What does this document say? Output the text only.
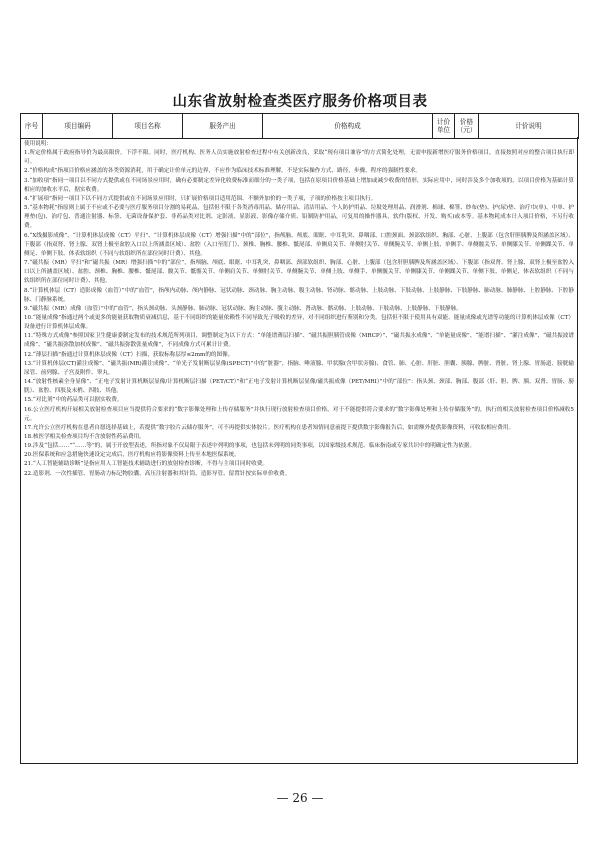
山东省放射检查类医疗服务价格项目表
序号	项目编码	项目名称	服务产出	价格构成	计价单位	价格（元）	计价说明

使用说明：

1.所定价格属于政府指导价为最高限价，下浮不限。同时，医疗机构、医务人员实施放射检查过程中有关创新改良，采取“现有项目兼容”的方式简化处理，无需申报新增医疗服务价格项目，直接按照对应的整合项目执行即可。

2.“价格构成”指项目价格应涵盖的各类资源消耗，用于确定计价单元的边界，不应作为临床技术标准理解，不是实际操作方式、路径、步骤、程序的强制性要求。

3.“加收项”指同一项目以不同方式提供或在不同场景应用时，确有必要制定差异化收费标准而细分的一类子项，包括在原项目价格基础上增加或减少收费的情形，实际应用中，同时涉及多个加收项的，以项目价格为基础计算相应的加收水平后，据实收费。

4.“扩展项”指同一项目下以不同方式提供或在不同场景应用时，只扩展价格项目适用范围、不额外加价的一类子项，子项的价格按主项目执行。

5.“基本物耗”指原则上属于不应或不必要与医疗服务项目分割的易耗品，包括但不限于各类消毒用品、储存用品、清洁用品、个人防护用品、垃圾处理用品、润滑剂、棉球、棉签、纱布(垫)、护(尿)垫、治疗巾(单)、中单、护理垫(包)、治疗包、普通注射器、标签、无菌设备保护套、非药品类对比剂、定影液、显影液、影像存储介质、铅制防护用品，可复用的操作器具、软件(版权、开发、购买)或本等。基本物耗成本计入项目价格，不另行收费。

6.“X线摄影成像”、“计算机体层成像（CT）平扫”、“计算机体层成像（CT）增强扫描”中的“部位”，指颅脑、颅底、眼眶、中耳乳突、鼻咽部、口腔颈面、颈部软组织、胸部、心脏、上腹部（包含肝胆胰脾及所涵盖区域）、下腹部（指双肾、肾上腺、双肾上极至盆腔入口以上所涵盖区域）、盆腔（入口至肛门）、颈椎、胸椎、腰椎、骶尾部、单侧肩关节、单侧肘关节、单侧腕关节、单侧上肢、单侧手、单侧髋关节、单侧膝关节、单侧踝关节、单侧足、单侧下肢、体表软组织（不同与软组织所在部位同时计费）、其他。

7.“磁共振（MR）平扫”和“磁共振（MR）增强扫描”中的“部位”，指颅脑、颅底、眼眶、中耳乳突、鼻咽部、颈部软组织、胸部、心脏、上腹部（包含肝胆胰脾及所涵盖区域）、下腹部（指双肾、肾上腺、双肾上极至盆腔入口以上所涵盖区域）、盆腔、颈椎、胸椎、腰椎、骶尾部、髋关节、骶髂关节、单侧肩关节、单侧肘关节、单侧腕关节、单侧上肢、单侧手、单侧髋关节、单侧膝关节、单侧踝关节、单侧下肢、单侧足、体表软组织（不同与软组织所在部位同时计费）、其他。

8.“计算机体层（CT）造影成像（血管）”中的“血管”，指颅内动脉、颅内静脉、冠状动脉、颈动脉、胸主动脉、腹主动脉、肾动脉、髂动脉、上肢动脉、下肢动脉、上肢静脉、下肢静脉、肺动脉、肺静脉、上腔静脉、下腔静脉、门静脉系统。

9.“磁共振（MR）成像（血管）”中的“血管”，指头颈动脉、头颈静脉、肺动脉、冠状动脉、胸主动脉、腹主动脉、肾动脉、髂动脉、上肢动脉、下肢动脉、上肢静脉、下肢静脉。

10.“能量成像”指通过两个或更多的能量获取物质衰减信息，基于不同组织的能量依赖性不同导致光子吸收的差异，对不同组织进行鉴别和分类。包括但不限于使用具有双能、能量成像或光谱等功能的计算机体层成像（CT）设备进行计算机体层成像。

11.“特殊方式成像”参照国家卫生健康委制定发布的技术规范所列项目，调整制定为以下方式：“单能谱薄层扫描”、“磁共振胆胰管成像（MRCP）”、“磁共振水成像”、“单能量成像”、“能谱扫描”、“灌注成像”、“磁共振波谱成像”、“磁共振弥散加权成像”、“磁共振弥散张量成像”，不同成像方式可累计计费。

12.“薄层扫描”指通过计算机体层成像（CT）扫描，获取标称层厚≤2mm的的图像。

13.“计算机体层(CT)灌注成像”、“磁共振(MR)灌注成像”、“单光子发射断层显像(SPECT)”中的“脏器”，指脑、唾液腺、甲状腺(含甲状旁腺)、食管、肺、心脏、肝脏、胆囊、胰腺、脾脏、肾脏、肾上腺、胃肠道、膀胱输尿管、前列腺、子宫及附件、睾丸。

14.“放射性核素全身显像”、“正电子发射计算机断层显像/计算机断层扫描（PET/CT）”和“正电子发射计算机断层显像/磁共振成像（PET/MRI）”中的“部位”：指头颈、颈部、胸部、腹部（肝、胆、脾、胰、双肾、胃肠、膀胱）、盆腔、四肢及末梢、四肢、其他。

15.“对比剂”中的药品类可以据实收费。

16.公立医疗机构开展相关放射检查项目应当提供符合要求的“数字影像处理和上传存储服务”并执行现行放射检查项目价格，对于不能提供符合要求的“数字影像处理和上传存储服务”的，执行的相关放射检查项目价格减收5元。

17.允许公立医疗机构在患者自愿选择基础上，若提供“数字胶片云储存服务”，可不再提供实体胶片。医疗机构在患者知情同意前提下提供数字影像报告后，如需额外提供影像资料，可收取相应费用。

18.核医学相关检查项目均不含放射性药品费用。

19.涉及“包括……”“……等”的，属于开放型表述，所指对象不仅局限于表述中列明的事项，也包括未列明的同类事项，以国家级技术规范、临床指南或专家共识中的明确定性为依据。

20.医保系统和应急措施快速设定完成后，医疗机构应将影像资料上传至本地医保系统。

21.“人工智能辅助诊断”是指应用人工智能技术辅助进行的放射检查诊断，不得与主项目同时收费。

22.造影剂、一次性插管、胃肠动力标记物胶囊、高压注射器和其针筒、造影导管、留置针按实际单价收费。

— 26 —
